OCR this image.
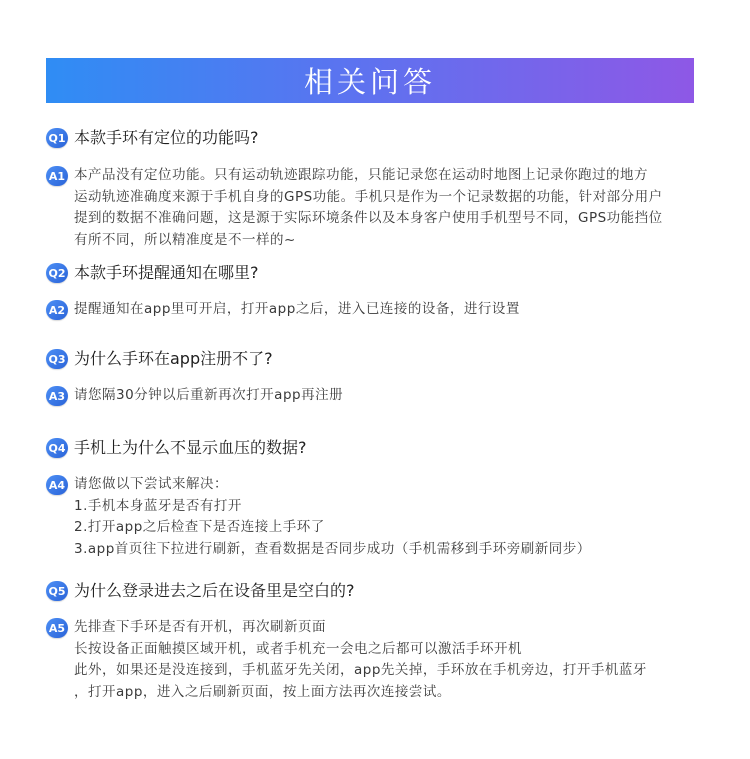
相关问答
Q1 本款手环有定位的功能吗?
A1 本产品没有定位功能。只有运动轨迹跟踪功能，只能记录您在运动时地图上记录你跑过的地方
运动轨迹准确度来源于手机自身的GPS功能。手机只是作为一个记录数据的功能，针对部分用户
提到的数据不准确问题，这是源于实际环境条件以及本身客户使用手机型号不同，GPS功能挡位
有所不同，所以精准度是不一样的~
Q2 本款手环提醒通知在哪里?
A2 提醒通知在app里可开启，打开app之后，进入已连接的设备，进行设置
Q3 为什么手环在app注册不了?
A3 请您隔30分钟以后重新再次打开app再注册
Q4 手机上为什么不显示血压的数据?
A4 请您做以下尝试来解决：
1.手机本身蓝牙是否有打开
2.打开app之后检查下是否连接上手环了
3.app首页往下拉进行刷新，查看数据是否同步成功（手机需移到手环旁刷新同步）
Q5 为什么登录进去之后在设备里是空白的?
A5 先排查下手环是否有开机，再次刷新页面
长按设备正面触摸区域开机，或者手机充一会电之后都可以激活手环开机
此外，如果还是没连接到，手机蓝牙先关闭，app先关掉，手环放在手机旁边，打开手机蓝牙
，打开app，进入之后刷新页面，按上面方法再次连接尝试。
